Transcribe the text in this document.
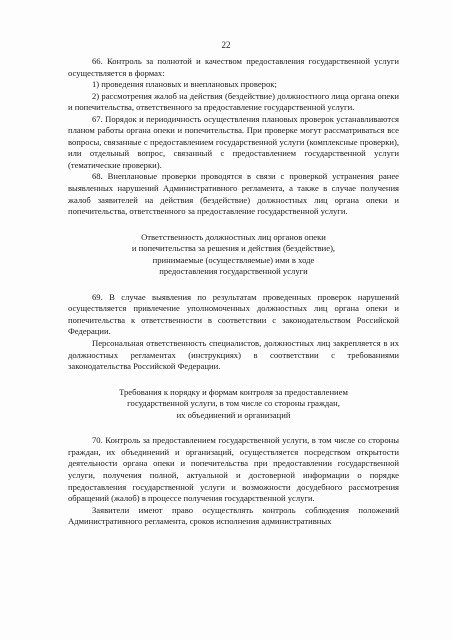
22

66. Контроль за полнотой и качеством предоставления государственной услуги осуществляется в формах:

1) проведения плановых и внеплановых проверок;

2) рассмотрения жалоб на действия (бездействие) должностного лица органа опеки и попечительства, ответственного за предоставление государственной услуги.

67. Порядок и периодичность осуществления плановых проверок устанавливаются планом работы органа опеки и попечительства. При проверке могут рассматриваться все вопросы, связанные с предоставлением государственной услуги (комплексные проверки), или отдельный вопрос, связанный с предоставлением государственной услуги (тематические проверки).

68. Внеплановые проверки проводятся в связи с проверкой устранения ранее выявленных нарушений Административного регламента, а также в случае получения жалоб заявителей на действия (бездействие) должностных лиц органа опеки и попечительства, ответственного за предоставление государственной услуги.

Ответственность должностных лиц органов опеки

и попечительства за решения и действия (бездействие),

принимаемые (осуществляемые) ими в ходе

предоставления государственной услуги

69. В случае выявления по результатам проведенных проверок нарушений осуществляется привлечение уполномоченных должностных лиц органа опеки и попечительства к ответственности в соответствии с законодательством Российской Федерации.

Персональная ответственность специалистов, должностных лиц закрепляется в их должностных регламентах (инструкциях) в соответствии с требованиями законодательства Российской Федерации.

Требования к порядку и формам контроля за предоставлением

государственной услуги, в том числе со стороны граждан,

их объединений и организаций

70. Контроль за предоставлением государственной услуги, в том числе со стороны граждан, их объединений и организаций, осуществляется посредством открытости деятельности органа опеки и попечительства при предоставлении государственной услуги, получения полной, актуальной и достоверной информации о порядке предоставления государственной услуги и возможности досудебного рассмотрения обращений (жалоб) в процессе получения государственной услуги.

Заявители имеют право осуществлять контроль соблюдения положений Административного регламента, сроков исполнения административных
